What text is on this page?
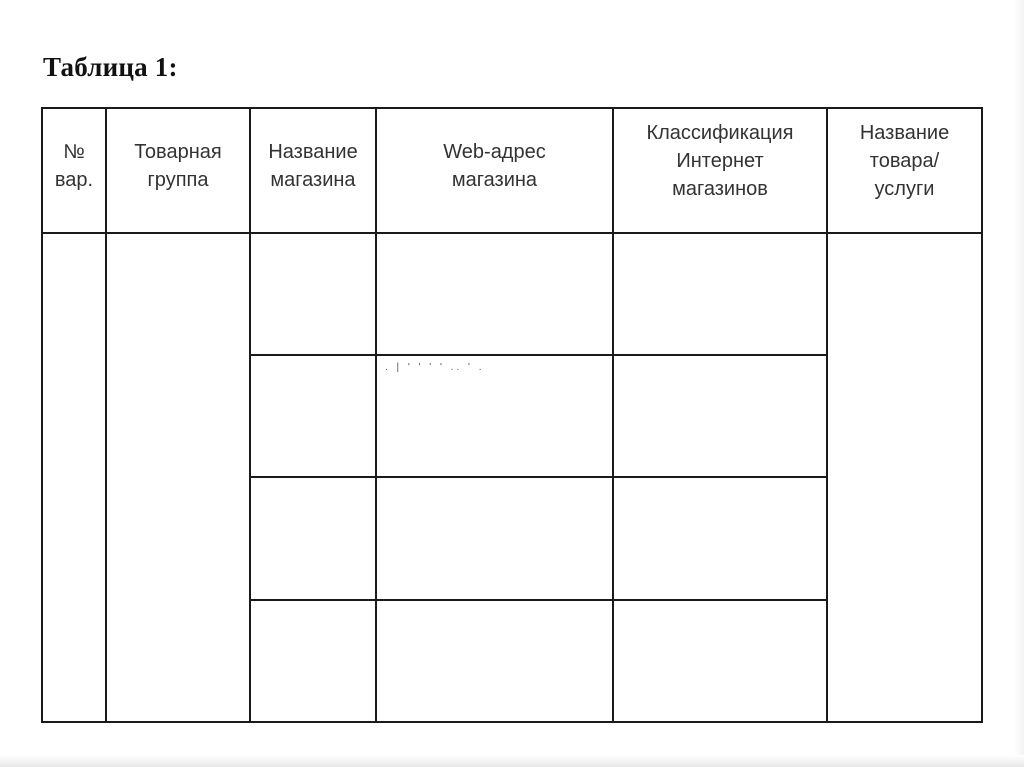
Таблица 1:
№
вар.
Товарная
группа
Название
магазина
Web-адрес
магазина
Классификация
Интернет
магазинов
Название
товара/
услуги
. | ' ' ' ' .. ' .
